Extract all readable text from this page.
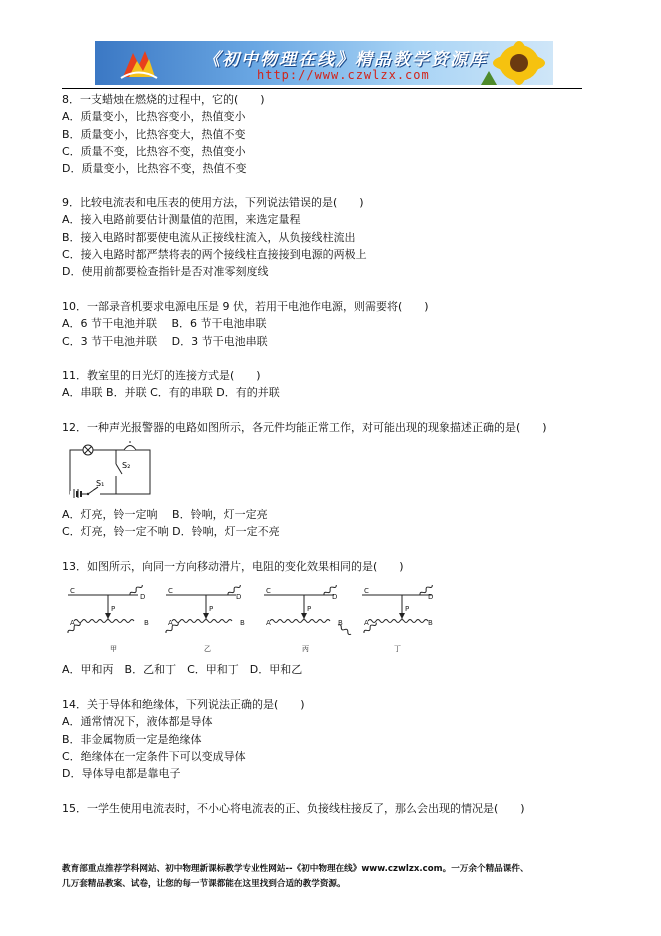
《初中物理在线》精品教学资源库
http://www.czwlzx.com
8．一支蜡烛在燃烧的过程中，它的(　　)
A．质量变小，比热容变小，热值变小
B．质量变小，比热容变大，热值不变
C．质量不变，比热容不变，热值变小
D．质量变小，比热容不变，热值不变
9．比较电流表和电压表的使用方法，下列说法错误的是(　　)
A．接入电路前要估计测量值的范围，来选定量程
B．接入电路时都要使电流从正接线柱流入，从负接线柱流出
C．接入电路时都严禁将表的两个接线柱直接接到电源的两极上
D．使用前都要检查指针是否对准零刻度线
10．一部录音机要求电源电压是 9 伏，若用干电池作电源，则需要将(　　)
A．6 节干电池并联　 B．6 节干电池串联
C．3 节干电池并联　 D．3 节干电池串联
11．教室里的日光灯的连接方式是(　　)
A．串联 B．并联 C．有的串联 D．有的并联
12．一种声光报警器的电路如图所示，各元件均能正常工作，对可能出现的现象描述正确的是(　　)
S₂
S₁
A．灯亮，铃一定响　 B．铃响，灯一定亮
C．灯亮，铃一定不响 D．铃响，灯一定不亮
13．如图所示，向同一方向移动滑片，电阻的变化效果相同的是(　　)
C
D
A	B
P
C
D
A	B
P
C
D
A	B
P
C
D
A	B
P
甲	乙	丙	丁
A．甲和丙　B．乙和丁　C．甲和丁　D．甲和乙
14．关于导体和绝缘体，下列说法正确的是(　　)
A．通常情况下，液体都是导体
B．非金属物质一定是绝缘体
C．绝缘体在一定条件下可以变成导体
D．导体导电都是靠电子
15．一学生使用电流表时，不小心将电流表的正、负接线柱接反了，那么会出现的情况是(　　)
教育部重点推荐学科网站、初中物理新课标教学专业性网站--《初中物理在线》www.czwlzx.com。一万余个精品课件、
几万套精品教案、试卷，让您的每一节课都能在这里找到合适的教学资源。
